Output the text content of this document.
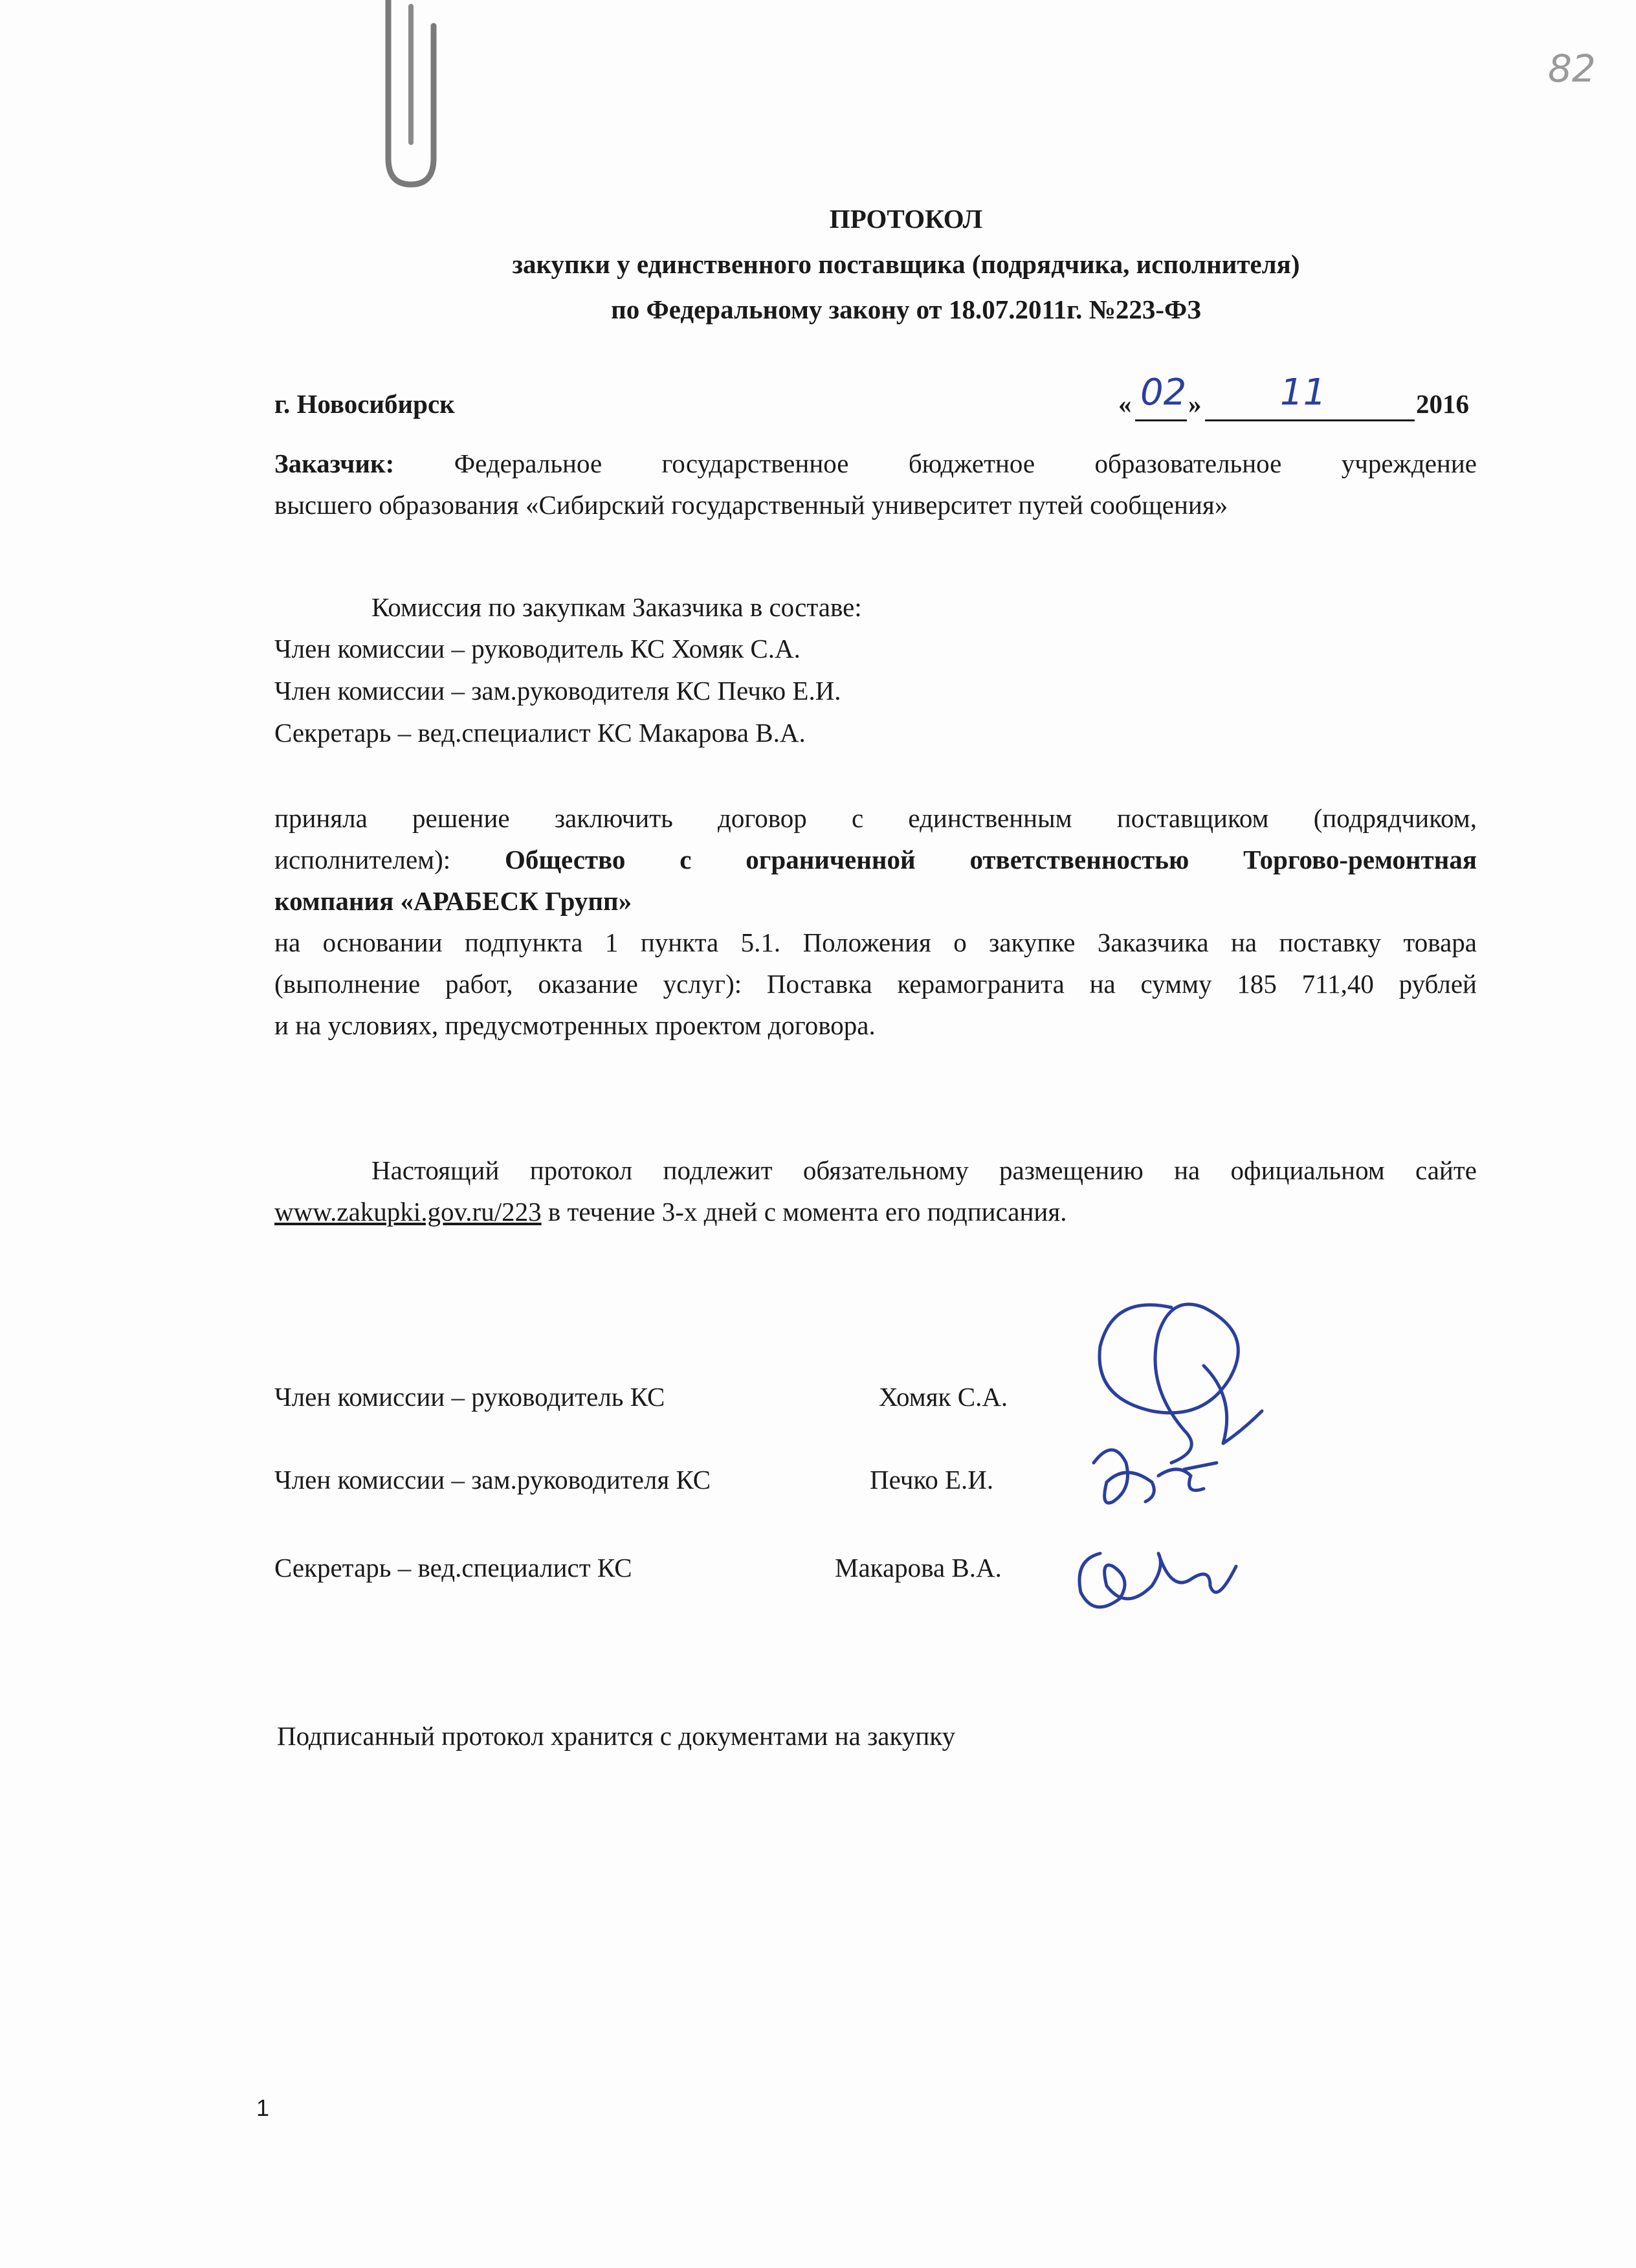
82
ПРОТОКОЛ
закупки у единственного поставщика (подрядчика, исполнителя)
по Федеральному закону от 18.07.2011г. №223-ФЗ
г. Новосибирск	« 02 » 11	2016
Заказчик: Федеральное государственное бюджетное образовательное учреждение
высшего образования «Сибирский государственный университет путей сообщения»
Комиссия по закупкам Заказчика в составе:
Член комиссии – руководитель КС Хомяк С.А.
Член комиссии – зам.руководителя КС Печко Е.И.
Секретарь – вед.специалист КС Макарова В.А.
приняла решение заключить договор с единственным поставщиком (подрядчиком,
исполнителем): Общество с ограниченной ответственностью Торгово-ремонтная
компания «АРАБЕСК Групп»
на основании подпункта 1 пункта 5.1. Положения о закупке Заказчика на поставку товара
(выполнение работ, оказание услуг): Поставка керамогранита на сумму 185 711,40 рублей
и на условиях, предусмотренных проектом договора.
Настоящий протокол подлежит обязательному размещению на официальном сайте
www.zakupki.gov.ru/223 в течение 3-х дней с момента его подписания.
Член комиссии – руководитель КС	Хомяк С.А.
Член комиссии – зам.руководителя КС	Печко Е.И.
Секретарь – вед.специалист КС	Макарова В.А.
Подписанный протокол хранится с документами на закупку
1
